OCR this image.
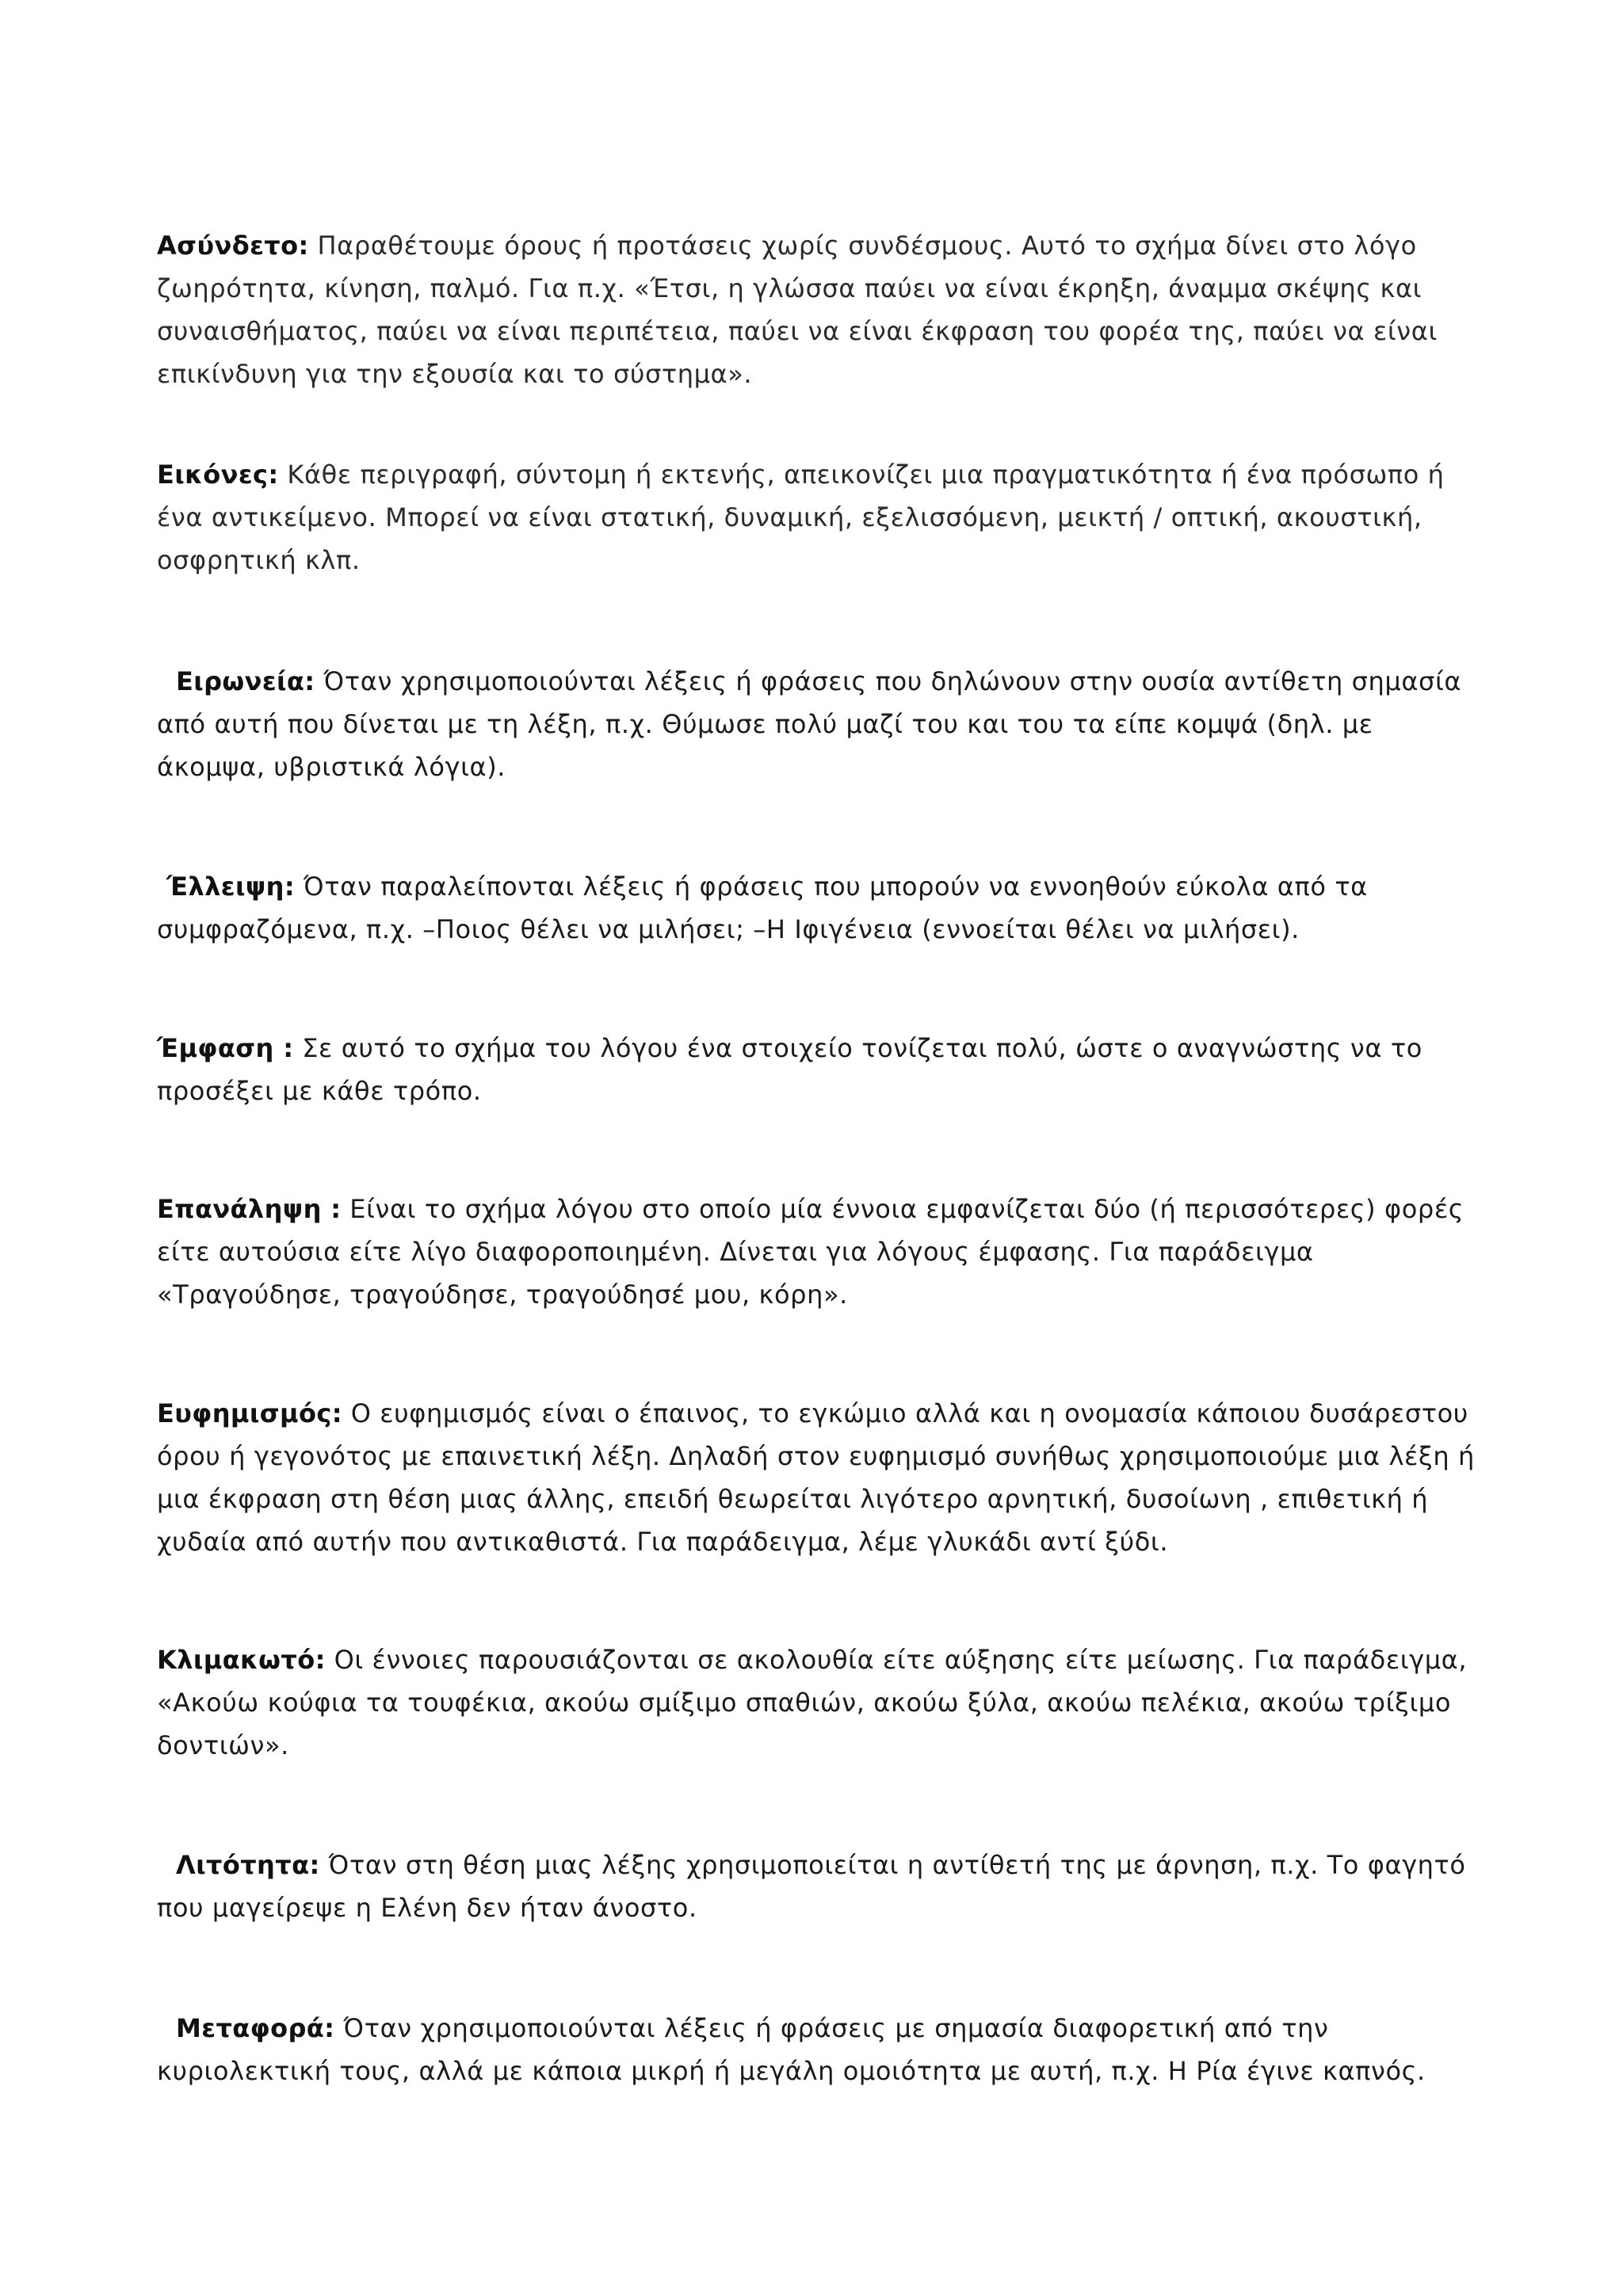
Ασύνδετο: Παραθέτουμε όρους ή προτάσεις χωρίς συνδέσμους. Αυτό το σχήμα δίνει στο λόγο ζωηρότητα, κίνηση, παλμό. Για π.χ. «Έτσι, η γλώσσα παύει να είναι έκρηξη, άναμμα σκέψης και συναισθήματος, παύει να είναι περιπέτεια, παύει να είναι έκφραση του φορέα της, παύει να είναι επικίνδυνη για την εξουσία και το σύστημα».

Εικόνες: Κάθε περιγραφή, σύντομη ή εκτενής, απεικονίζει μια πραγματικότητα ή ένα πρόσωπο ή ένα αντικείμενο. Μπορεί να είναι στατική, δυναμική, εξελισσόμενη, μεικτή / οπτική, ακουστική, οσφρητική κλπ.

Ειρωνεία: Όταν χρησιμοποιούνται λέξεις ή φράσεις που δηλώνουν στην ουσία αντίθετη σημασία από αυτή που δίνεται με τη λέξη, π.χ. Θύμωσε πολύ μαζί του και του τα είπε κομψά (δηλ. με άκομψα, υβριστικά λόγια).

Έλλειψη: Όταν παραλείπονται λέξεις ή φράσεις που μπορούν να εννοηθούν εύκολα από τα συμφραζόμενα, π.χ. –Ποιος θέλει να μιλήσει; –Η Ιφιγένεια (εννοείται θέλει να μιλήσει).

Έμφαση : Σε αυτό το σχήμα του λόγου ένα στοιχείο τονίζεται πολύ, ώστε ο αναγνώστης να το προσέξει με κάθε τρόπο.

Επανάληψη : Είναι το σχήμα λόγου στο οποίο μία έννοια εμφανίζεται δύο (ή περισσότερες) φορές είτε αυτούσια είτε λίγο διαφοροποιημένη. Δίνεται για λόγους έμφασης. Για παράδειγμα «Τραγούδησε, τραγούδησε, τραγούδησέ μου, κόρη».

Ευφημισμός: Ο ευφημισμός είναι ο έπαινος, το εγκώμιο αλλά και η ονομασία κάποιου δυσάρεστου όρου ή γεγονότος με επαινετική λέξη. Δηλαδή στον ευφημισμό συνήθως χρησιμοποιούμε μια λέξη ή μια έκφραση στη θέση μιας άλλης, επειδή θεωρείται λιγότερο αρνητική, δυσοίωνη , επιθετική ή χυδαία από αυτήν που αντικαθιστά. Για παράδειγμα, λέμε γλυκάδι αντί ξύδι.

Κλιμακωτό: Οι έννοιες παρουσιάζονται σε ακολουθία είτε αύξησης είτε μείωσης. Για παράδειγμα, «Ακούω κούφια τα τουφέκια, ακούω σμίξιμο σπαθιών, ακούω ξύλα, ακούω πελέκια, ακούω τρίξιμο δοντιών».

Λιτότητα: Όταν στη θέση μιας λέξης χρησιμοποιείται η αντίθετή της με άρνηση, π.χ. Το φαγητό που μαγείρεψε η Ελένη δεν ήταν άνοστο.

Μεταφορά: Όταν χρησιμοποιούνται λέξεις ή φράσεις με σημασία διαφορετική από την κυριολεκτική τους, αλλά με κάποια μικρή ή μεγάλη ομοιότητα με αυτή, π.χ. Η Ρία έγινε καπνός.
